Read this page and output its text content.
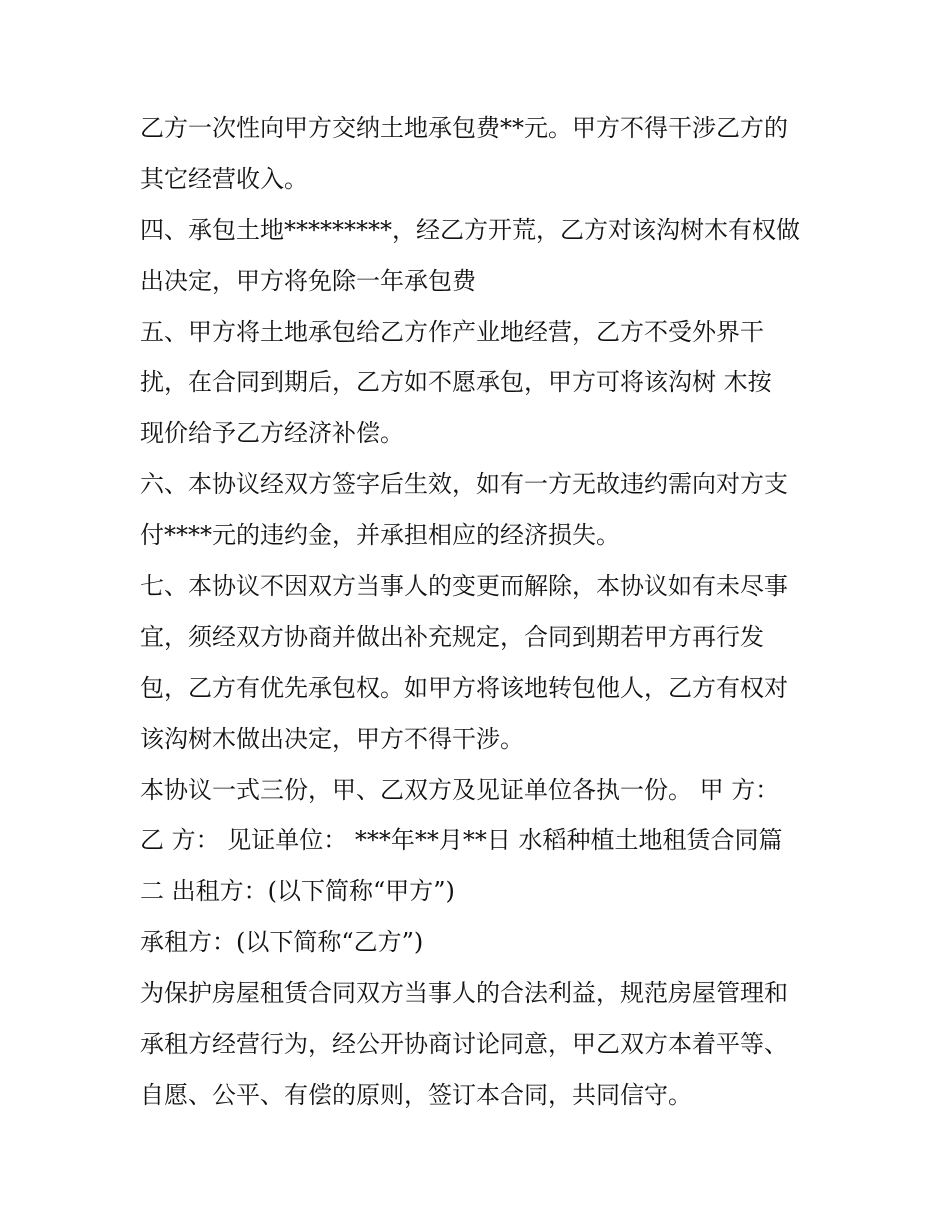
乙方一次性向甲方交纳土地承包费**元。甲方不得干涉乙方的
其它经营收入。
四、承包土地*********，经乙方开荒，乙方对该沟树木有权做
出决定，甲方将免除一年承包费
五、甲方将土地承包给乙方作产业地经营，乙方不受外界干
扰，在合同到期后，乙方如不愿承包，甲方可将该沟树 木按
现价给予乙方经济补偿。
六、本协议经双方签字后生效，如有一方无故违约需向对方支
付****元的违约金，并承担相应的经济损失。
七、本协议不因双方当事人的变更而解除，本协议如有未尽事
宜，须经双方协商并做出补充规定，合同到期若甲方再行发
包，乙方有优先承包权。如甲方将该地转包他人，乙方有权对
该沟树木做出决定，甲方不得干涉。
本协议一式三份，甲、乙双方及见证单位各执一份。 甲 方：
乙 方： 见证单位： ***年**月**日 水稻种植土地租赁合同篇
二 出租方：(以下简称“甲方”)
承租方：(以下简称“乙方”)
为保护房屋租赁合同双方当事人的合法利益，规范房屋管理和
承租方经营行为，经公开协商讨论同意，甲乙双方本着平等、
自愿、公平、有偿的原则，签订本合同，共同信守。
